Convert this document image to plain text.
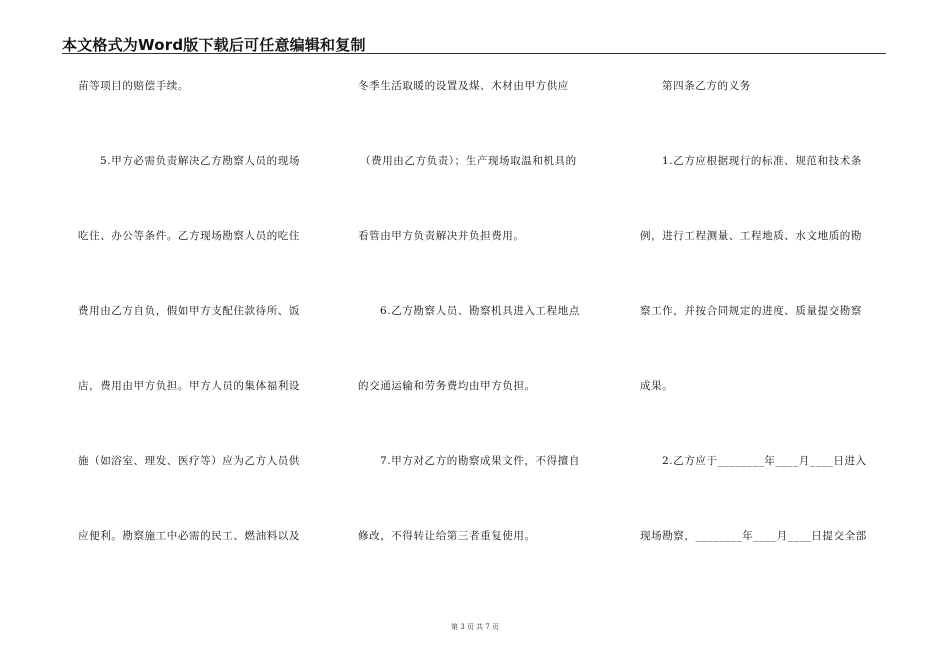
本文格式为Word版下载后可任意编辑和复制
苗等项目的赔偿手续。
5.甲方必需负责解决乙方勘察人员的现场
吃住、办公等条件。乙方现场勘察人员的吃住
费用由乙方自负，假如甲方支配住款待所、饭
店，费用由甲方负担。甲方人员的集体福利设
施（如浴室、理发、医疗等）应为乙方人员供
应便利。勘察施工中必需的民工、燃油料以及
冬季生活取暖的设置及煤、木材由甲方供应
（费用由乙方负责）；生产现场取温和机具的
看管由甲方负责解决并负担费用。
6.乙方勘察人员、勘察机具进入工程地点
的交通运输和劳务费均由甲方负担。
7.甲方对乙方的勘察成果文件，不得擅自
修改，不得转让给第三者重复使用。
第四条乙方的义务
1.乙方应根据现行的标准、规范和技术条
例，进行工程测量、工程地质、水文地质的勘
察工作，并按合同规定的进度、质量提交勘察
成果。
2.乙方应于________年____月____日进入
现场勘察，________年____月____日提交全部
第 3 页 共 7 页
